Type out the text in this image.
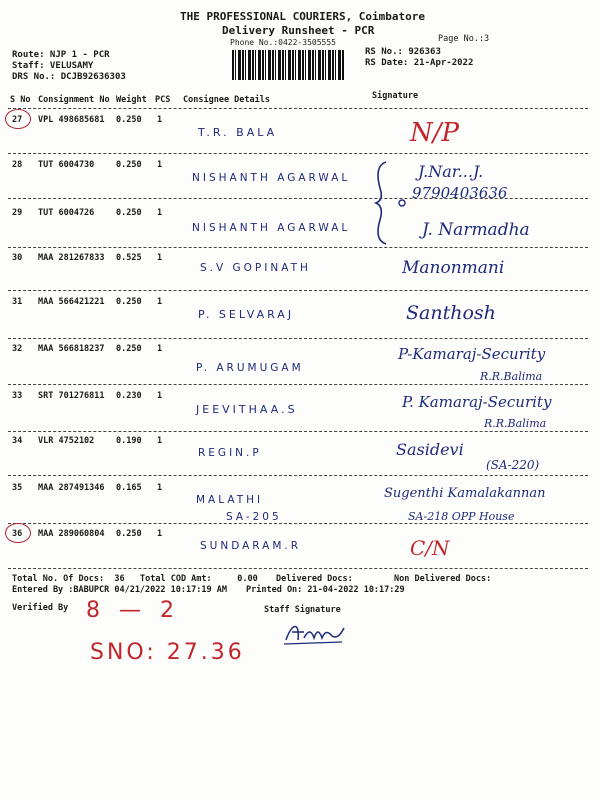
THE PROFESSIONAL COURIERS, Coimbatore
Delivery Runsheet - PCR
Phone No.:0422-3505555	Page No.:3
Route: NJP 1 - PCR
Staff: VELUSAMY
DRS No.: DCJB92636303
RS No.: 926363
RS Date: 21-Apr-2022
S No Consignment No Weight PCS Consignee Details	Signature
27 VPL 498685681 0.250 1
T.R. BALA	N/P
28 TUT 6004730	0.250 1
NISHANTH AGARWAL	J.Nar...J.
9790403636
29 TUT 6004726	0.250 1
NISHANTH AGARWAL	J. Narmadha
30 MAA 281267833 0.525 1
S.V GOPINATH	Manonmani
31 MAA 566421221 0.250 1
P. SELVARAJ	Santhosh
32 MAA 566818237 0.250 1
P. ARUMUGAM
P-Kamaraj-Security
R.R.Balima
33 SRT 701276811 0.230 1
JEEVITHAA.S	P. Kamaraj-Security
R.R.Balima
34 VLR 4752102	0.190 1
REGIN.P	Sasidevi
(SA-220)
35 MAA 287491346 0.165 1
MALATHI
SA-205
Sugenthi Kamalakannan
SA-218 OPP House
36 MAA 289060804 0.250 1
SUNDARAM.R	C/N
Total No. Of Docs:  36 Total COD Amt:     0.00 Delivered Docs:	Non Delivered Docs:
Entered By :BABUPCR 04/21/2022 10:17:19 AM Printed On: 21-04-2022 10:17:29
Verified By 8 — 2	Staff Signature
SNO: 27.36
